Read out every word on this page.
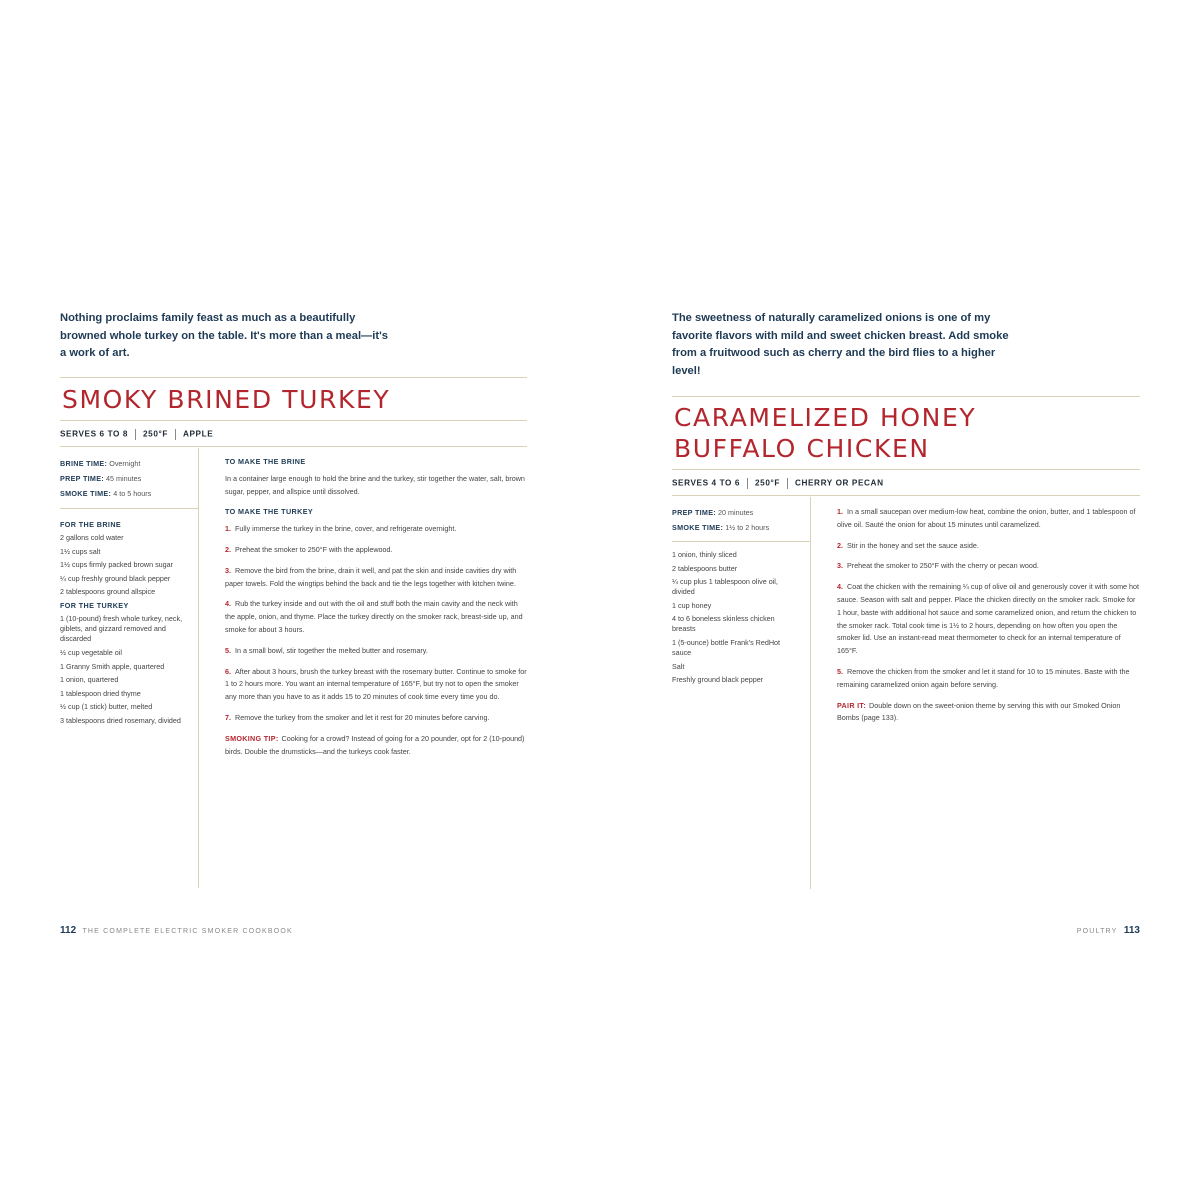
Nothing proclaims family feast as much as a beautifully browned whole turkey on the table. It's more than a meal—it's a work of art.
SMOKY BRINED TURKEY
SERVES 6 TO 8 250°F APPLE
BRINE TIME: Overnight
PREP TIME: 45 minutes
SMOKE TIME: 4 to 5 hours
FOR THE BRINE
2 gallons cold water
1½ cups salt
1½ cups firmly packed brown sugar
¼ cup freshly ground black pepper
2 tablespoons ground allspice
FOR THE TURKEY
1 (10-pound) fresh whole turkey, neck, giblets, and gizzard removed and discarded
½ cup vegetable oil
1 Granny Smith apple, quartered
1 onion, quartered
1 tablespoon dried thyme
½ cup (1 stick) butter, melted
3 tablespoons dried rosemary, divided
TO MAKE THE BRINE
In a container large enough to hold the brine and the turkey, stir together the water, salt, brown sugar, pepper, and allspice until dissolved.
TO MAKE THE TURKEY
1. Fully immerse the turkey in the brine, cover, and refrigerate overnight.
2. Preheat the smoker to 250°F with the applewood.
3. Remove the bird from the brine, drain it well, and pat the skin and inside cavities dry with paper towels. Fold the wingtips behind the back and tie the legs together with kitchen twine.
4. Rub the turkey inside and out with the oil and stuff both the main cavity and the neck with the apple, onion, and thyme. Place the turkey directly on the smoker rack, breast-side up, and smoke for about 3 hours.
5. In a small bowl, stir together the melted butter and rosemary.
6. After about 3 hours, brush the turkey breast with the rosemary butter. Continue to smoke for 1 to 2 hours more. You want an internal temperature of 165°F, but try not to open the smoker any more than you have to as it adds 15 to 20 minutes of cook time every time you do.
7. Remove the turkey from the smoker and let it rest for 20 minutes before carving.
SMOKING TIP: Cooking for a crowd? Instead of going for a 20 pounder, opt for 2 (10-pound) birds. Double the drumsticks—and the turkeys cook faster.
112 THE COMPLETE ELECTRIC SMOKER COOKBOOK
The sweetness of naturally caramelized onions is one of my favorite flavors with mild and sweet chicken breast. Add smoke from a fruitwood such as cherry and the bird flies to a higher level!
CARAMELIZED HONEY
BUFFALO CHICKEN
SERVES 4 TO 6 250°F CHERRY OR PECAN
PREP TIME: 20 minutes
SMOKE TIME: 1½ to 2 hours
1 onion, thinly sliced
2 tablespoons butter
¼ cup plus 1 tablespoon olive oil, divided
1 cup honey
4 to 6 boneless skinless chicken breasts
1 (5-ounce) bottle Frank's RedHot sauce
Salt
Freshly ground black pepper
1. In a small saucepan over medium-low heat, combine the onion, butter, and 1 tablespoon of olive oil. Sauté the onion for about 15 minutes until caramelized.
2. Stir in the honey and set the sauce aside.
3. Preheat the smoker to 250°F with the cherry or pecan wood.
4. Coat the chicken with the remaining ¼ cup of olive oil and generously cover it with some hot sauce. Season with salt and pepper. Place the chicken directly on the smoker rack. Smoke for 1 hour, baste with additional hot sauce and some caramelized onion, and return the chicken to the smoker rack. Total cook time is 1½ to 2 hours, depending on how often you open the smoker lid. Use an instant-read meat thermometer to check for an internal temperature of 165°F.
5. Remove the chicken from the smoker and let it stand for 10 to 15 minutes. Baste with the remaining caramelized onion again before serving.
PAIR IT: Double down on the sweet-onion theme by serving this with our Smoked Onion Bombs (page 133).
POULTRY 113
